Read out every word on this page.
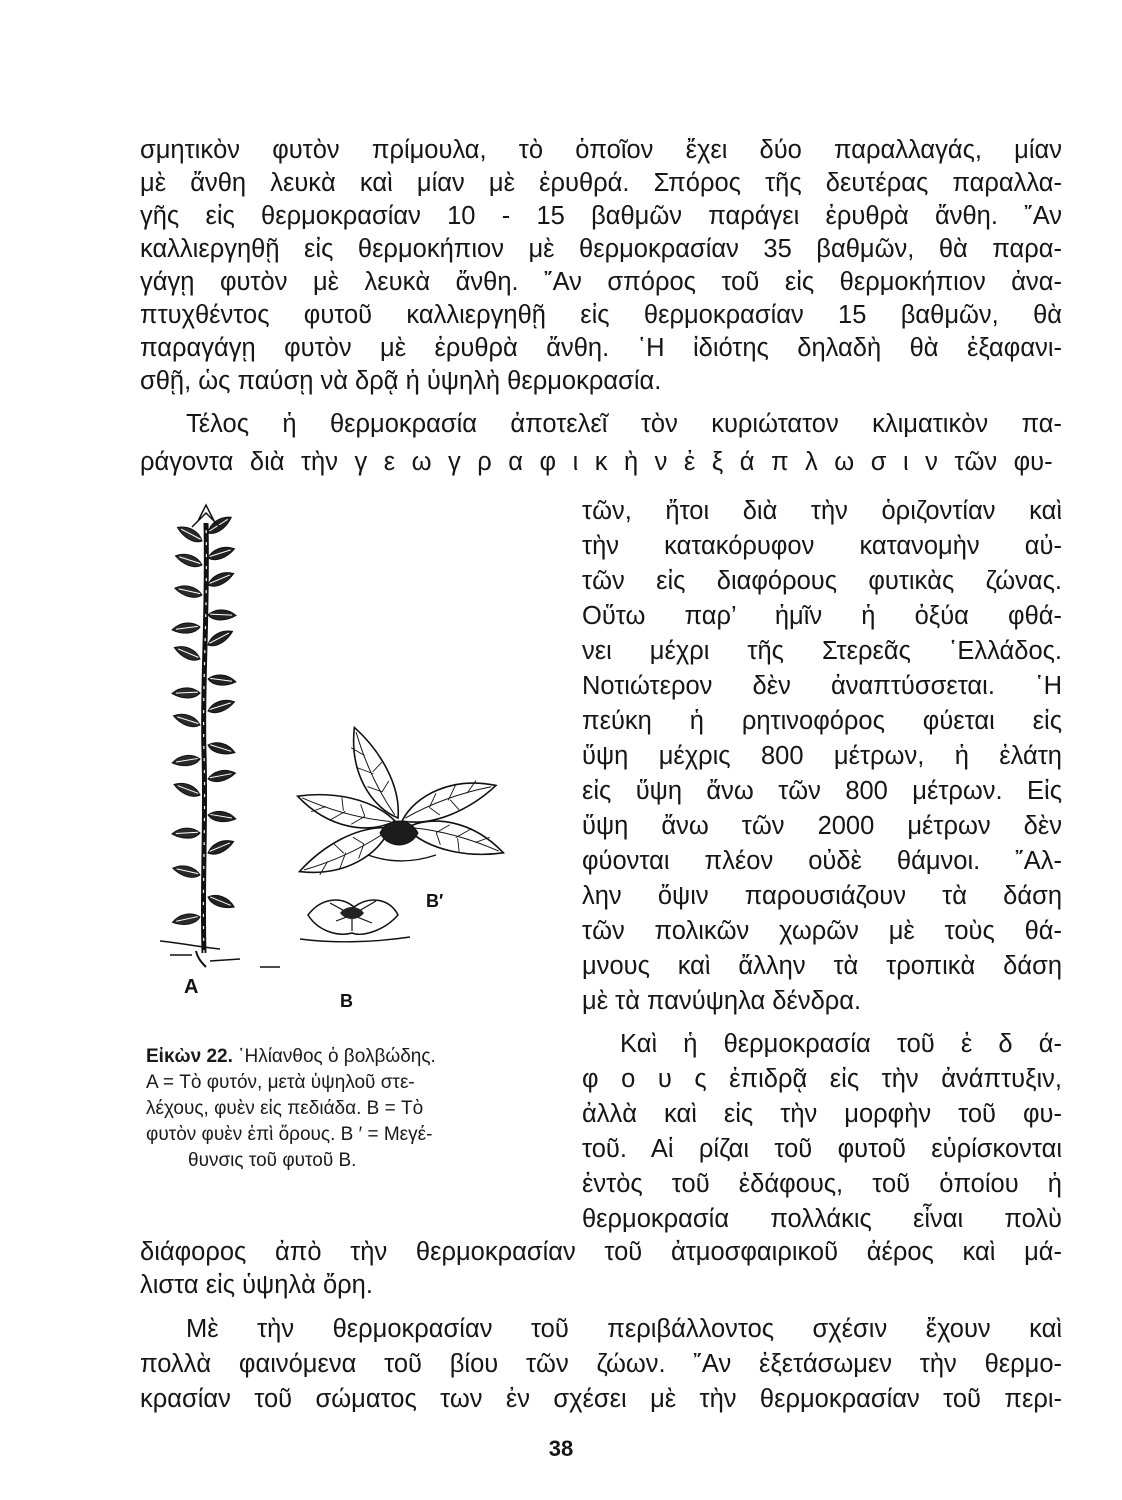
σμητικὸν φυτὸν πρίμουλα, τὸ ὁποῖον ἔχει δύο παραλλαγάς, μίαν
μὲ ἄνθη λευκὰ καὶ μίαν μὲ ἐρυθρά. Σπόρος τῆς δευτέρας παραλλα-
γῆς εἰς θερμοκρασίαν 10 - 15 βαθμῶν παράγει ἐρυθρὰ ἄνθη. ῎Αν
καλλιεργηθῇ εἰς θερμοκήπιον μὲ θερμοκρασίαν 35 βαθμῶν, θὰ παρα-
γάγῃ φυτὸν μὲ λευκὰ ἄνθη. ῎Αν σπόρος τοῦ εἰς θερμοκήπιον ἀνα-
πτυχθέντος φυτοῦ καλλιεργηθῇ εἰς θερμοκρασίαν 15 βαθμῶν, θὰ
παραγάγῃ φυτὸν μὲ ἐρυθρὰ ἄνθη. ῾Η ἰδιότης δηλαδὴ θὰ ἐξαφανι-
σθῇ, ὡς παύσῃ νὰ δρᾷ ἡ ὑψηλὴ θερμοκρασία.
Τέλος ἡ θερμοκρασία ἀποτελεῖ τὸν κυριώτατον κλιματικὸν πα-
ράγοντα διὰ τὴν γ ε ω γ ρ α φ ι κ ὴ ν ἐ ξ ά π λ ω σ ι ν τῶν φυ-
τῶν, ἤτοι διὰ τὴν ὁριζοντίαν καὶ
τὴν κατακόρυφον κατανομὴν αὐ-
τῶν εἰς διαφόρους φυτικὰς ζώνας.
Οὕτω παρ’ ἡμῖν ἡ ὀξύα φθά-
νει μέχρι τῆς Στερεᾶς ῾Ελλάδος.
Νοτιώτερον δὲν ἀναπτύσσεται. ῾Η
πεύκη ἡ ρητινοφόρος φύεται εἰς
ὕψη μέχρις 800 μέτρων, ἡ ἐλάτη
εἰς ὕψη ἄνω τῶν 800 μέτρων. Εἰς
ὕψη ἄνω τῶν 2000 μέτρων δὲν
φύονται πλέον οὐδὲ θάμνοι. ῎Αλ-
λην ὄψιν παρουσιάζουν τὰ δάση
τῶν πολικῶν χωρῶν μὲ τοὺς θά-
μνους καὶ ἄλλην τὰ τροπικὰ δάση
μὲ τὰ πανύψηλα δένδρα.
Καὶ ἡ θερμοκρασία τοῦ ἐ δ ά-
φ ο υ ς ἐπιδρᾷ εἰς τὴν ἀνάπτυξιν,
ἀλλὰ καὶ εἰς τὴν μορφὴν τοῦ φυ-
τοῦ. Αἱ ρίζαι τοῦ φυτοῦ εὑρίσκονται
ἐντὸς τοῦ ἐδάφους, τοῦ ὁποίου ἡ
θερμοκρασία πολλάκις εἶναι πολὺ
διάφορος ἀπὸ τὴν θερμοκρασίαν τοῦ ἀτμοσφαιρικοῦ ἀέρος καὶ μά-
λιστα εἰς ὑψηλὰ ὄρη.
Μὲ τὴν θερμοκρασίαν τοῦ περιβάλλοντος σχέσιν ἔχουν καὶ
πολλὰ φαινόμενα τοῦ βίου τῶν ζώων. ῎Αν ἐξετάσωμεν τὴν θερμο-
κρασίαν τοῦ σώματος των ἐν σχέσει μὲ τὴν θερμοκρασίαν τοῦ περι-
A
B
B′
Εἰκὼν 22. ῾Ηλίανθος ὁ βολβώδης.
A = Τὸ φυτόν, μετὰ ὑψηλοῦ στε-
λέχους, φυὲν εἰς πεδιάδα. B = Τὸ
φυτὸν φυὲν ἐπὶ ὄρους. B ′ = Μεγέ-
θυνσις τοῦ φυτοῦ B.
38
